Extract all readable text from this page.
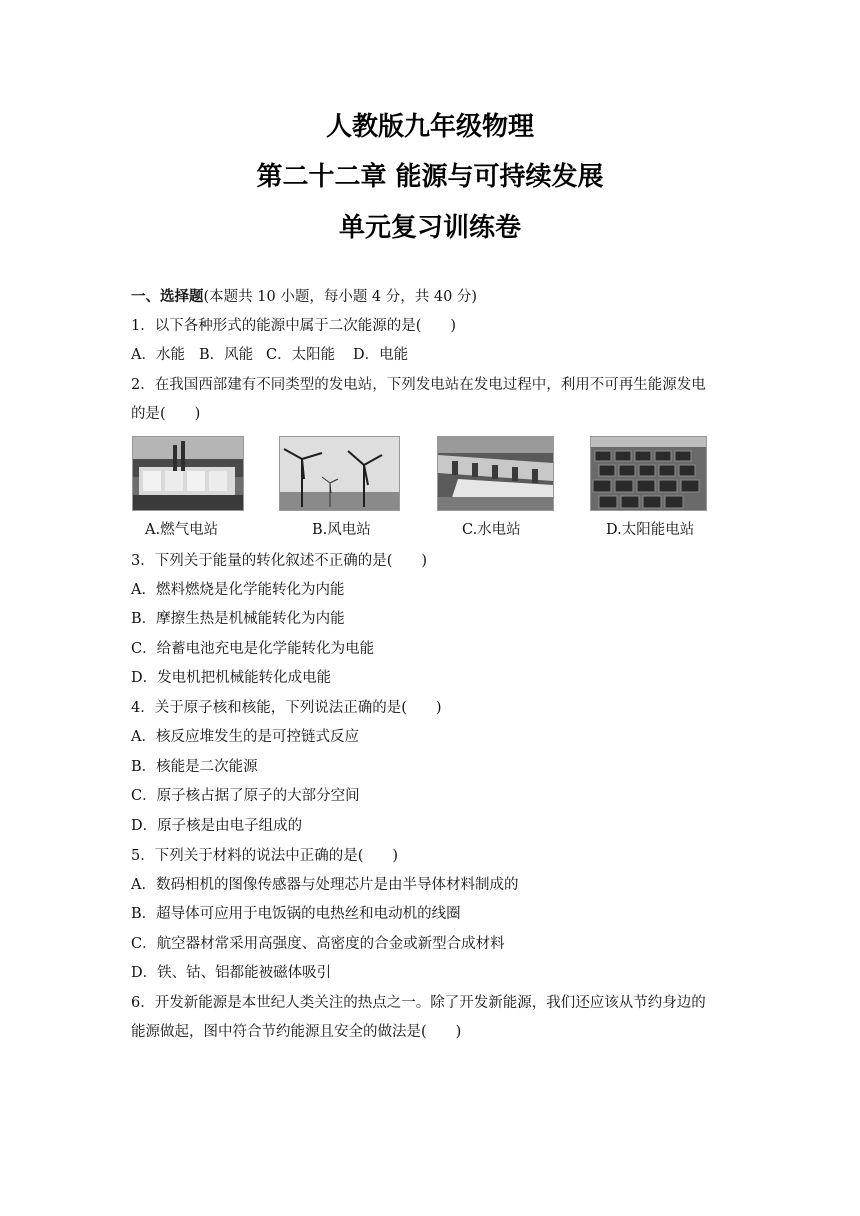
人教版九年级物理
第二十二章 能源与可持续发展
单元复习训练卷
一、选择题(本题共 10 小题，每小题 4 分，共 40 分)
1．以下各种形式的能源中属于二次能源的是(　　)
A．水能 B．风能 C．太阳能 D．电能
2．在我国西部建有不同类型的发电站，下列发电站在发电过程中，利用不可再生能源发电
的是(　　)
A.燃气电站	B.风电站	C.水电站	D.太阳能电站
3．下列关于能量的转化叙述不正确的是(　　)
A．燃料燃烧是化学能转化为内能
B．摩擦生热是机械能转化为内能
C．给蓄电池充电是化学能转化为电能
D．发电机把机械能转化成电能
4．关于原子核和核能，下列说法正确的是(　　)
A．核反应堆发生的是可控链式反应
B．核能是二次能源
C．原子核占据了原子的大部分空间
D．原子核是由电子组成的
5．下列关于材料的说法中正确的是(　　)
A．数码相机的图像传感器与处理芯片是由半导体材料制成的
B．超导体可应用于电饭锅的电热丝和电动机的线圈
C．航空器材常采用高强度、高密度的合金或新型合成材料
D．铁、钴、铝都能被磁体吸引
6．开发新能源是本世纪人类关注的热点之一。除了开发新能源，我们还应该从节约身边的
能源做起，图中符合节约能源且安全的做法是(　　)
